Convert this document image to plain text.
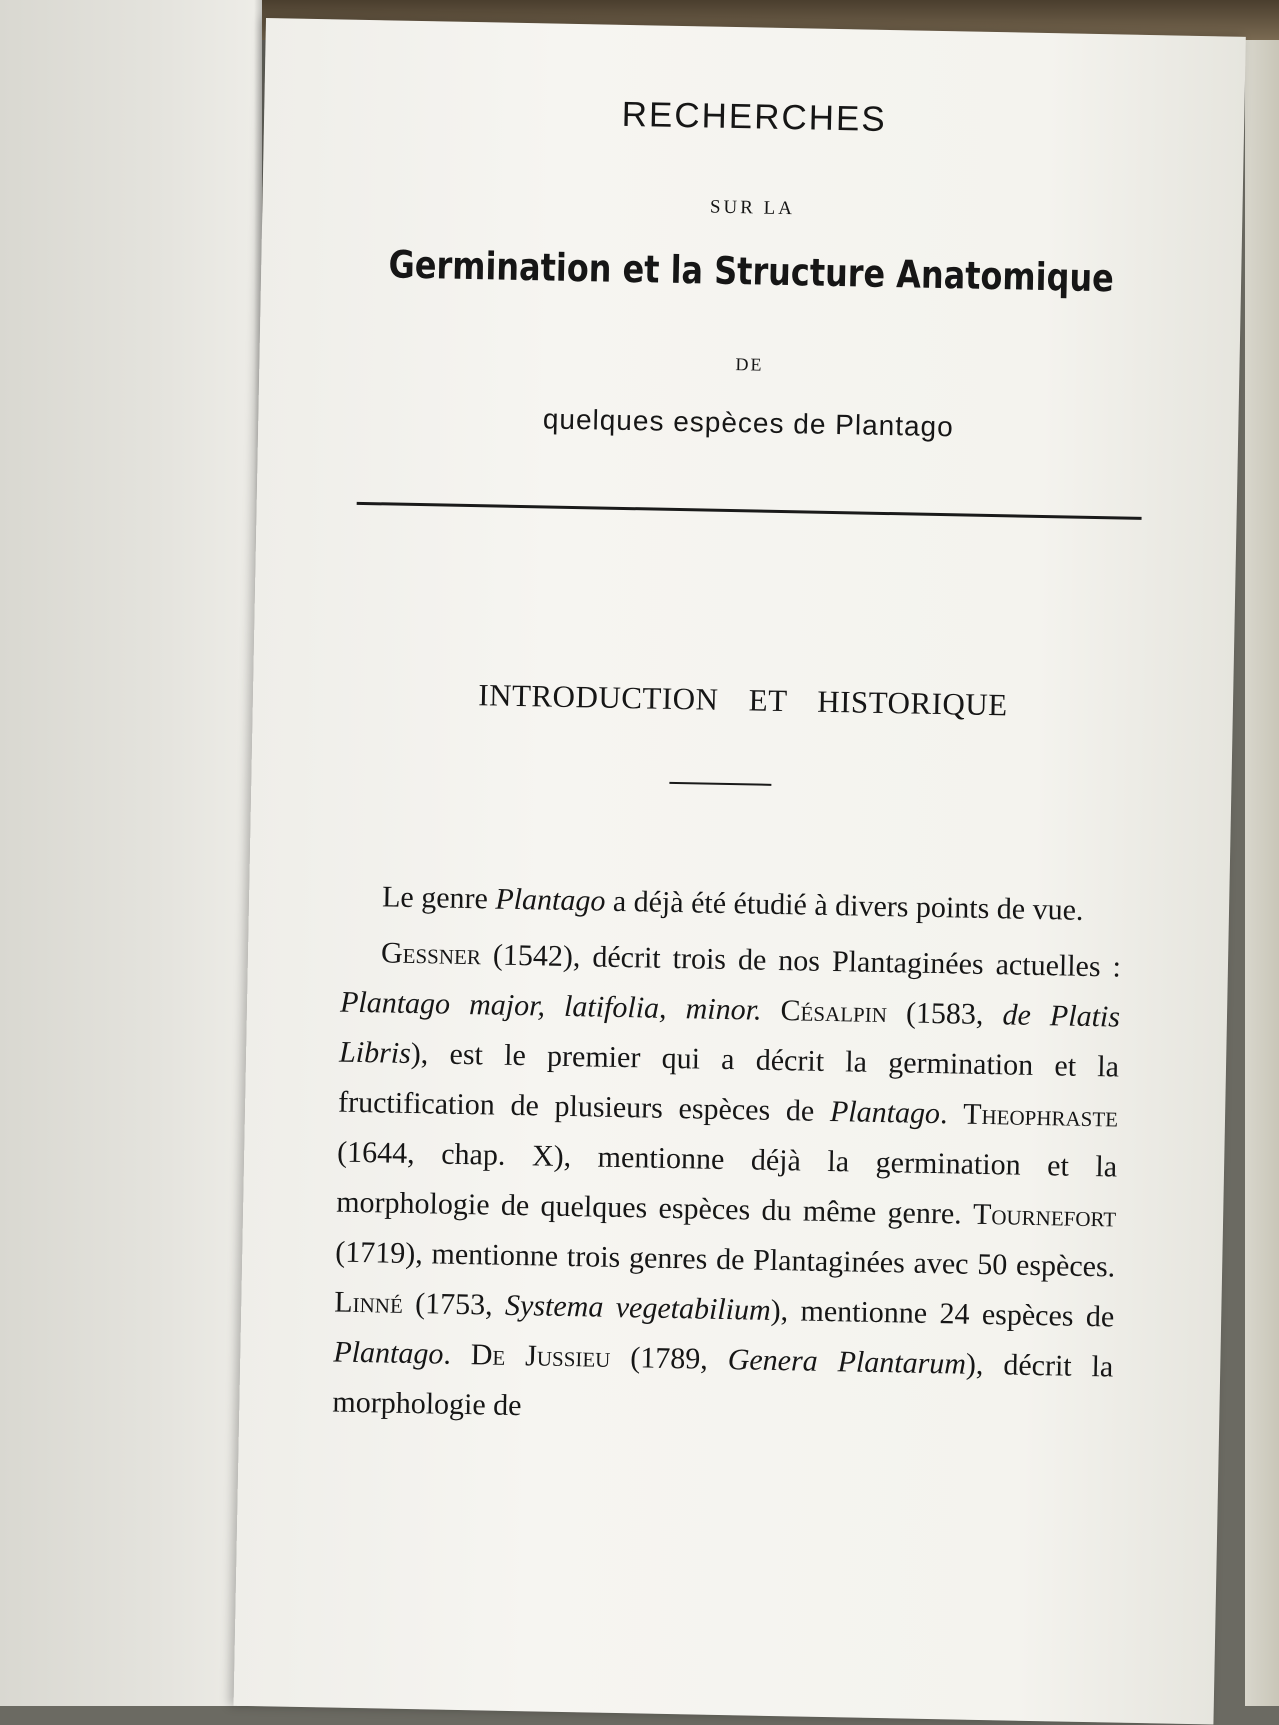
RECHERCHES
SUR LA
Germination et la Structure Anatomique
DE
quelques espèces de Plantago
INTRODUCTION ET HISTORIQUE

Le genre Plantago a déjà été étudié à divers points de vue.

Gessner (1542), décrit trois de nos Plantaginées actuelles : Plantago major, latifolia, minor. Césalpin (1583, de Platis Libris), est le premier qui a décrit la germination et la fructification de plusieurs espèces de Plantago. Theophraste (1644, chap. X), mentionne déjà la germination et la morphologie de quelques espèces du même genre. Tournefort (1719), mentionne trois genres de Plantaginées avec 50 espèces. Linné (1753, Systema vegetabilium), mentionne 24 espèces de Plantago. De Jussieu (1789, Genera Plantarum), décrit la morphologie de
